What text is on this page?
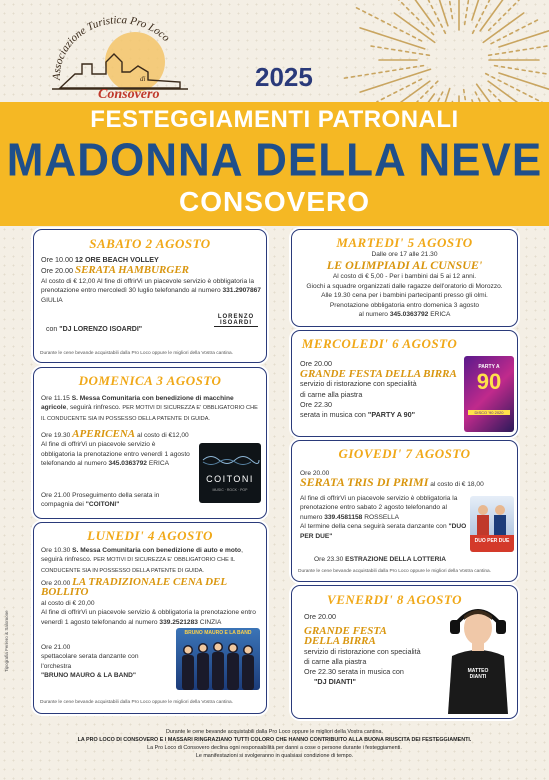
Associazione Turistica Pro Loco
di
Consovero
2025
FESTEGGIAMENTI PATRONALI
MADONNA DELLA NEVE
CONSOVERO
SABATO 2 AGOSTO
Ore 10.00 12 ORE BEACH VOLLEY
Ore 20.00 SERATA HAMBURGER
Al costo di € 12,00 Al fine di offrirVi un piacevole servizio è obbligatoria la prenotazione entro mercoledì 30 luglio telefonando al numero 331.2907867 GIULIA
con "DJ LORENZO ISOARDI"
LORENZO ISOARDI
Durante le cene bevande acquistabili dalla Pro Loco oppure le migliori della Vostra cantina.
DOMENICA 3 AGOSTO
Ore 11.15 S. Messa Comunitaria con benedizione di macchine agricole, seguirà rinfresco. PER MOTIVI DI SICUREZZA E' OBBLIGATORIO CHE IL CONDUCENTE SIA IN POSSESSO DELLA PATENTE DI GUIDA.
Ore 19.30 APERICENA al costo di €12,00
Al fine di offrirVi un piacevole servizio è obbligatoria la prenotazione entro venerdì 1 agosto telefonando al numero 345.0363792 ERICA
Ore 21.00 Proseguimento della serata in compagnia dei "COITONI"
COITONI
MUSIC · ROCK · POP
LUNEDI' 4 AGOSTO
Ore 10.30 S. Messa Comunitaria con benedizione di auto e moto, seguirà rinfresco. PER MOTIVI DI SICUREZZA E' OBBLIGATORIO CHE IL CONDUCENTE SIA IN POSSESSO DELLA PATENTE DI GUIDA.
Ore 20.00 LA TRADIZIONALE CENA DEL BOLLITO
al costo di € 20,00
Al fine di offrirVi un piacevole servizio & obbligatoria la prenotazione entro venerdì 1 agosto telefonando al numero 339.2521283 CINZIA
Ore 21.00
spettacolare serata danzante con l'orchestra
"BRUNO MAURO & LA BAND"
BRUNO MAURO E LA BAND
Durante le cene bevande acquistabili dalla Pro Loco oppure le migliori della Vostra cantina.
MARTEDI' 5 AGOSTO
Dalle ore 17 alle 21.30
LE OLIMPIADI AL CUNSUE'
Al costo di € 5,00 - Per i bambini dai 5 ai 12 anni.
Giochi a squadre organizzati dalle ragazze dell'oratorio di Morozzo.
Alle 19.30 cena per i bambini partecipanti presso gli olmi.
Prenotazione obbligatoria entro domenica 3 agosto
al numero 345.0363792 ERICA
MERCOLEDI' 6 AGOSTO
Ore 20.00
GRANDE FESTA DELLA BIRRA
servizio di ristorazione con specialità di carne alla piastra
Ore 22.30
serata in musica con "PARTY A 90"
PARTY A
90
DISCO '90 2020
GIOVEDI' 7 AGOSTO
Ore 20.00
SERATA TRIS DI PRIMI al costo di € 18,00
Al fine di offrirVi un piacevole servizio è obbligatoria la prenotazione entro sabato 2 agosto telefonando al numero 339.4581158 ROSSELLA
Al termine della cena seguirà serata danzante con "DUO PER DUE"
Ore 23.30 ESTRAZIONE DELLA LOTTERIA
DUO PER DUE
Durante le cene bevande acquistabili dalla Pro Loco oppure le migliori della Vostra cantina.
VENERDI' 8 AGOSTO
Ore 20.00
GRANDE FESTA
DELLA BIRRA
servizio di ristorazione con specialità di carne alla piastra
Ore 22.30 serata in musica con
"DJ DIANTI"
MATTEO DIANTI
Tipografia Ferrero & Salomone
Durante le cene bevande acquistabili dalla Pro Loco oppure le migliori della Vostra cantina.
LA PRO LOCO DI CONSOVERO E I MASSARI RINGRAZIANO TUTTI COLORO CHE HANNO CONTRIBUITO ALLA BUONA RIUSCITA DEI FESTEGGIAMENTI.
La Pro Loco di Consovero declina ogni responsabilità per danni a cose o persone durante i festeggiamenti.
Le manifestazioni si svolgeranno in qualsiasi condizione di tempo.
